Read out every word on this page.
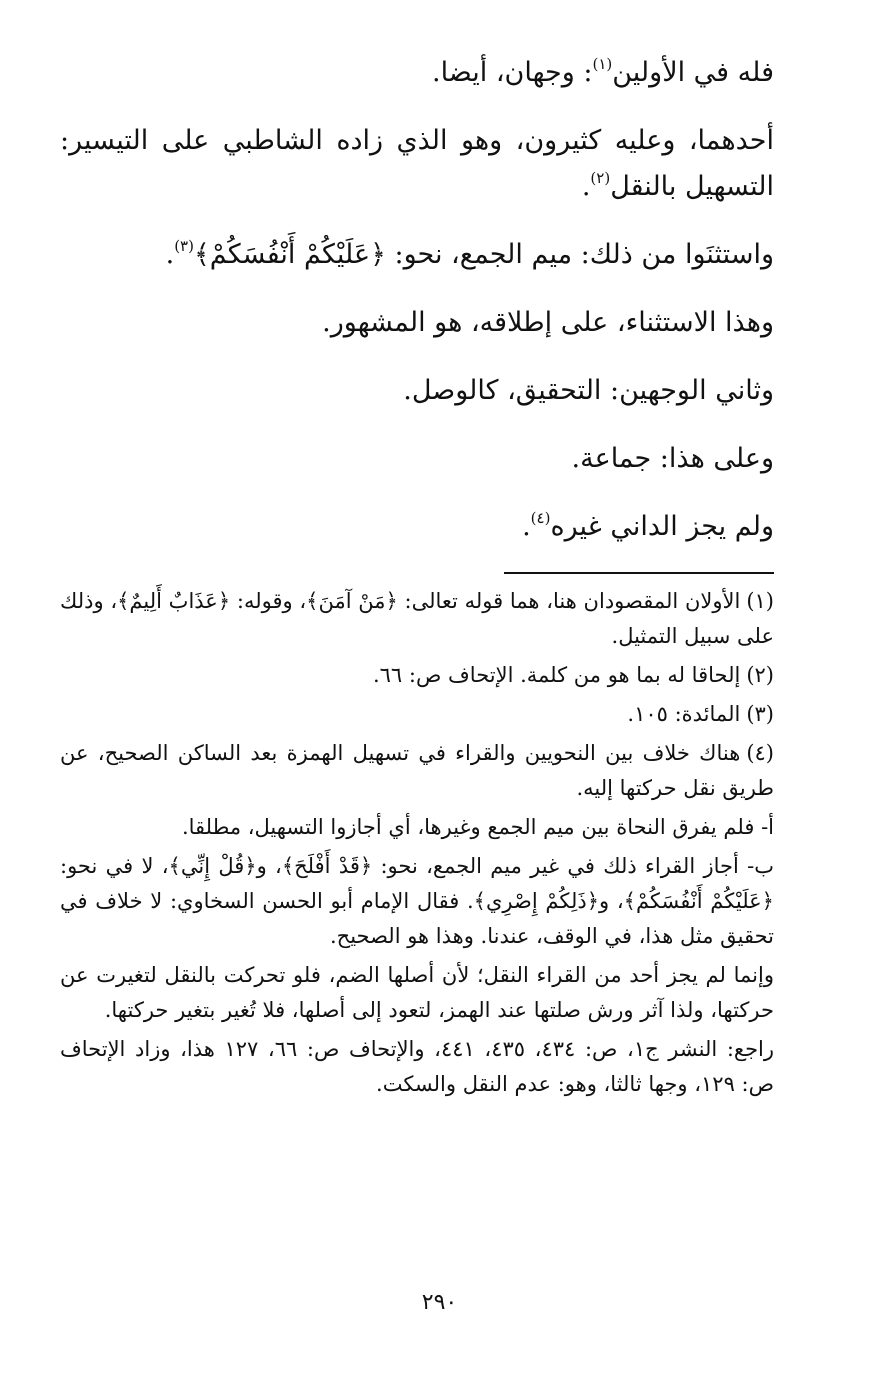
فله في الأولين$^{(١)}$: وجهان، أيضا.

أحدهما، وعليه كثيرون، وهو الذي زاده الشاطبي على التيسير: التسهيل بالنقل$^{(٢)}$.

واستثنَوا من ذلك: ميم الجمع، نحو: ﴿عَلَيْكُمْ أَنْفُسَكُمْ﴾$^{(٣)}$.

وهذا الاستثناء، على إطلاقه، هو المشهور.

وثاني الوجهين: التحقيق، كالوصل.

وعلى هذا: جماعة.

ولم يجز الداني غيره$^{(٤)}$.

(١)الأولان المقصودان هنا، هما قوله تعالى: ﴿مَنْ آمَنَ﴾، وقوله: ﴿عَذَابٌ أَلِيمٌ﴾، وذلك على سبيل التمثيل.
(٢)إلحاقا له بما هو من كلمة. الإتحاف ص: ٦٦.
(٣)المائدة: ١٠٥.
(٤)هناك خلاف بين النحويين والقراء في تسهيل الهمزة بعد الساكن الصحيح، عن طريق نقل حركتها إليه.
أ- فلم يفرق النحاة بين ميم الجمع وغيرها، أي أجازوا التسهيل، مطلقا.
ب- أجاز القراء ذلك في غير ميم الجمع، نحو: ﴿قَدْ أَفْلَحَ﴾، و﴿قُلْ إِنِّي﴾، لا في نحو: ﴿عَلَيْكُمْ أَنْفُسَكُمْ﴾، و﴿ذَلِكُمْ إِصْرِي﴾. فقال الإمام أبو الحسن السخاوي: لا خلاف في تحقيق مثل هذا، في الوقف، عندنا. وهذا هو الصحيح.
وإنما لم يجز أحد من القراء النقل؛ لأن أصلها الضم، فلو تحركت بالنقل لتغيرت عن حركتها، ولذا آثر ورش صلتها عند الهمز، لتعود إلى أصلها، فلا تُغير بتغير حركتها.
راجع: النشر ج١، ص: ٤٣٤، ٤٣٥، ٤٤١، والإتحاف ص: ٦٦، ١٢٧ هذا، وزاد الإتحاف ص: ١٢٩، وجها ثالثا، وهو: عدم النقل والسكت.
٢٩٠
